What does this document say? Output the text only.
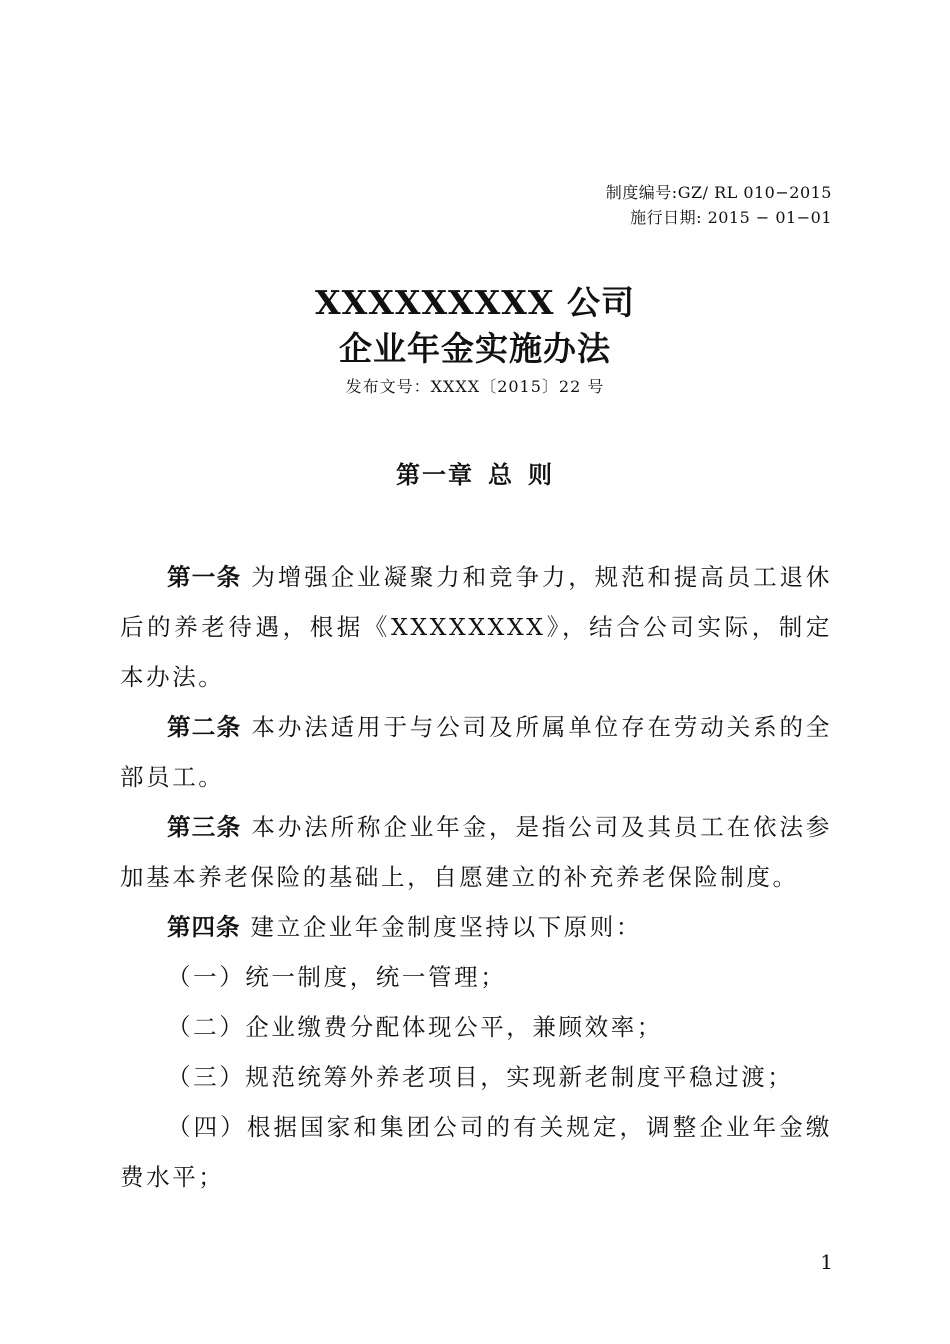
制度编号:GZ/ RL 010−2015
施行日期: 2015 − 01−01
XXXXXXXXX 公司
企业年金实施办法
发布文号：XXXX〔2015〕22 号
第一章 总 则

第一条 为增强企业凝聚力和竞争力，规范和提高员工退休后的养老待遇，根据《XXXXXXXX》，结合公司实际，制定本办法。

第二条 本办法适用于与公司及所属单位存在劳动关系的全部员工。

第三条 本办法所称企业年金，是指公司及其员工在依法参加基本养老保险的基础上，自愿建立的补充养老保险制度。

第四条 建立企业年金制度坚持以下原则：

（一）统一制度，统一管理；

（二）企业缴费分配体现公平，兼顾效率；

（三）规范统筹外养老项目，实现新老制度平稳过渡；

（四）根据国家和集团公司的有关规定，调整企业年金缴费水平；

1
